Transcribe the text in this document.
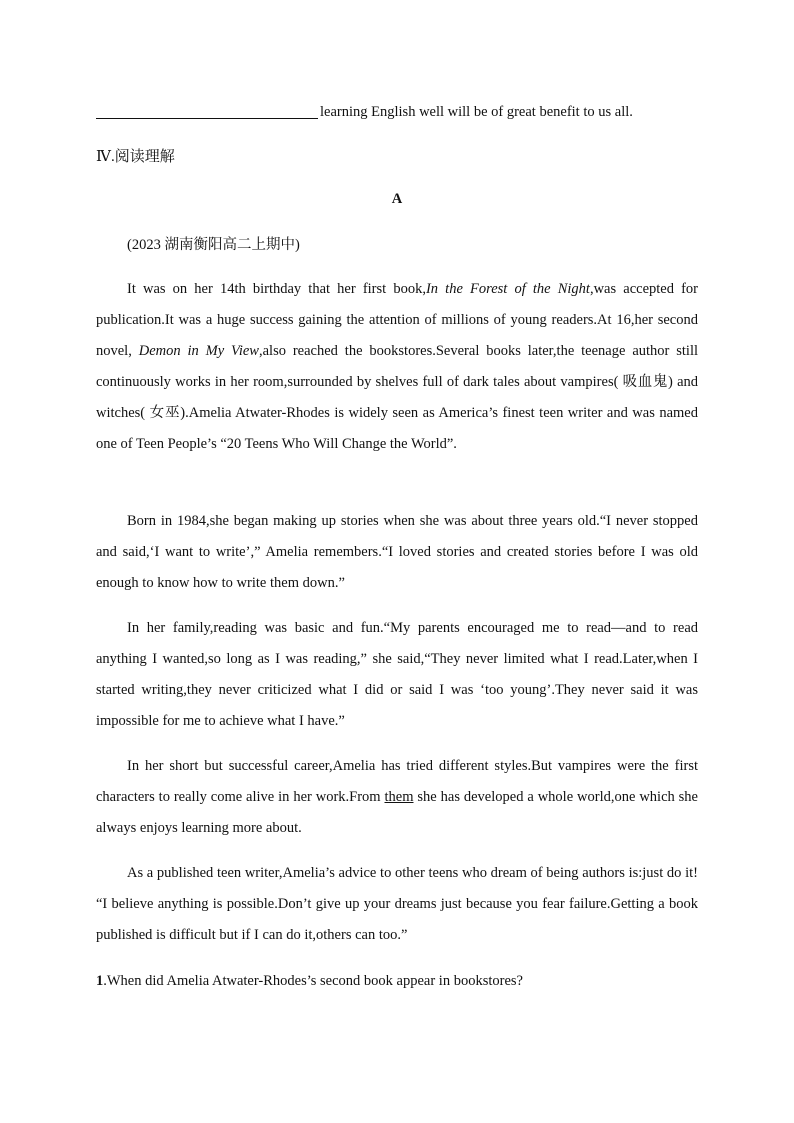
learning English well will be of great benefit to us all.
Ⅳ.阅读理解
A
(2023 湖南衡阳高二上期中)

It was on her 14th birthday that her first book,In the Forest of the Night,was accepted for publication.It was a huge success gaining the attention of millions of young readers.At 16,her second novel, Demon in My View,also reached the bookstores.Several books later,the teenage author still continuously works in her room,surrounded by shelves full of dark tales about vampires( 吸血鬼) and witches( 女巫).Amelia Atwater-Rhodes is widely seen as America’s finest teen writer and was named one of Teen People’s “20 Teens Who Will Change the World”.

Born in 1984,she began making up stories when she was about three years old.“I never stopped and said,‘I want to write’,” Amelia remembers.“I loved stories and created stories before I was old enough to know how to write them down.”

In her family,reading was basic and fun.“My parents encouraged me to read—and to read anything I wanted,so long as I was reading,” she said,“They never limited what I read.Later,when I started writing,they never criticized what I did or said I was ‘too young’.They never said it was impossible for me to achieve what I have.”

In her short but successful career,Amelia has tried different styles.But vampires were the first characters to really come alive in her work.From them she has developed a whole world,one which she always enjoys learning more about.

As a published teen writer,Amelia’s advice to other teens who dream of being authors is:just do it! “I believe anything is possible.Don’t give up your dreams just because you fear failure.Getting a book published is difficult but if I can do it,others can too.”

1.When did Amelia Atwater-Rhodes’s second book appear in bookstores?
